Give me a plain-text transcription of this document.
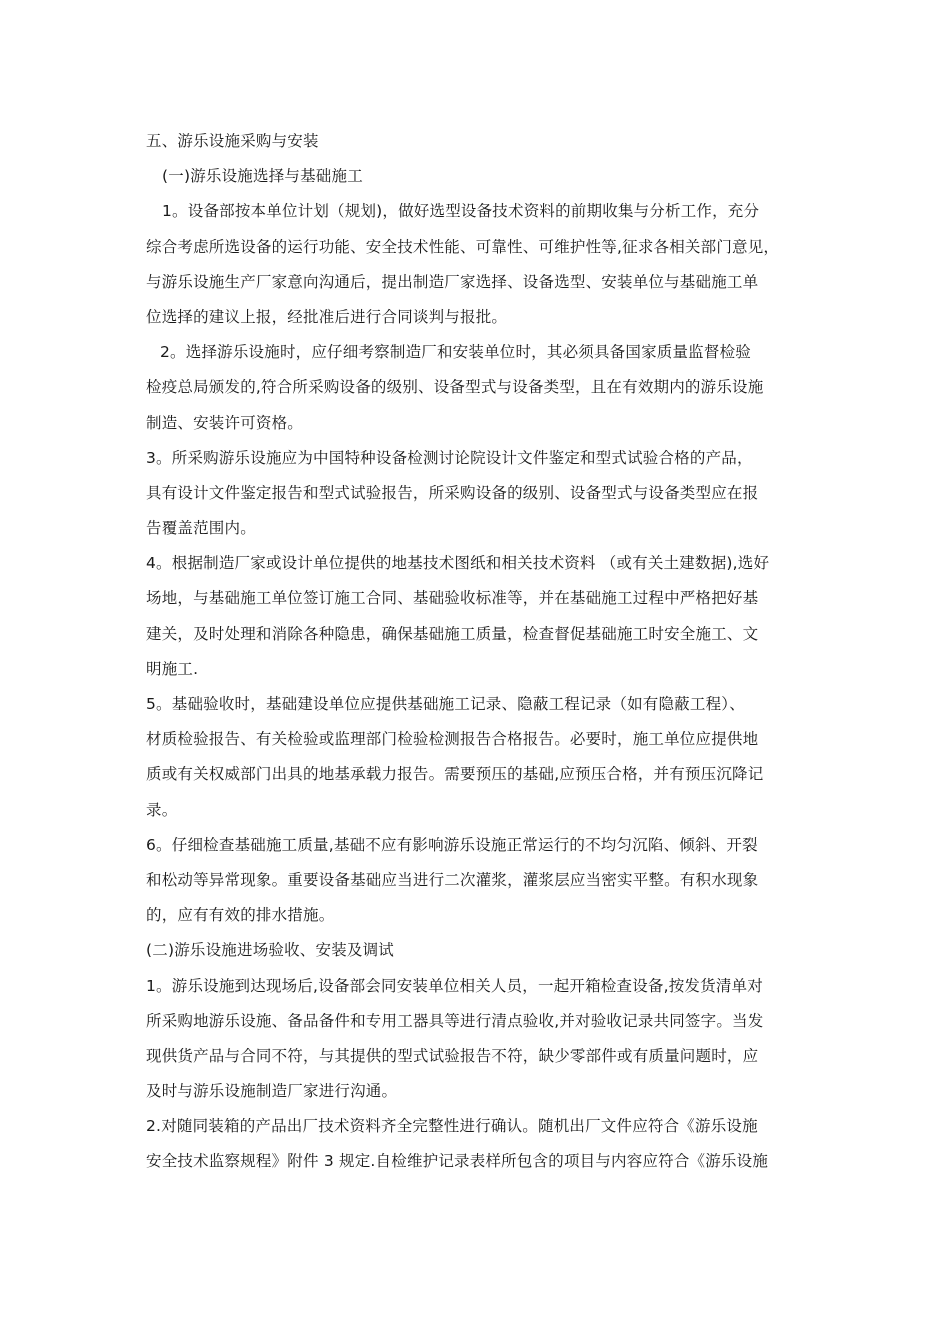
五、游乐设施采购与安装
(一)游乐设施选择与基础施工
1。设备部按本单位计划（规划)，做好选型设备技术资料的前期收集与分析工作，充分
综合考虑所选设备的运行功能、安全技术性能、可靠性、可维护性等,征求各相关部门意见，
与游乐设施生产厂家意向沟通后，提出制造厂家选择、设备选型、安装单位与基础施工单
位选择的建议上报，经批准后进行合同谈判与报批。
2。选择游乐设施时，应仔细考察制造厂和安装单位时，其必须具备国家质量监督检验
检疫总局颁发的,符合所采购设备的级别、设备型式与设备类型，且在有效期内的游乐设施
制造、安装许可资格。
3。所采购游乐设施应为中国特种设备检测讨论院设计文件鉴定和型式试验合格的产品，
具有设计文件鉴定报告和型式试验报告，所采购设备的级别、设备型式与设备类型应在报
告覆盖范围内。
4。根据制造厂家或设计单位提供的地基技术图纸和相关技术资料 （或有关土建数据),选好
场地，与基础施工单位签订施工合同、基础验收标准等，并在基础施工过程中严格把好基
建关，及时处理和消除各种隐患，确保基础施工质量，检查督促基础施工时安全施工、文
明施工.
5。基础验收时，基础建设单位应提供基础施工记录、隐蔽工程记录（如有隐蔽工程）、
材质检验报告、有关检验或监理部门检验检测报告合格报告。必要时，施工单位应提供地
质或有关权威部门出具的地基承载力报告。需要预压的基础,应预压合格，并有预压沉降记
录。
6。仔细检查基础施工质量,基础不应有影响游乐设施正常运行的不均匀沉陷、倾斜、开裂
和松动等异常现象。重要设备基础应当进行二次灌浆，灌浆层应当密实平整。有积水现象
的，应有有效的排水措施。
(二)游乐设施进场验收、安装及调试
1。游乐设施到达现场后,设备部会同安装单位相关人员，一起开箱检查设备,按发货清单对
所采购地游乐设施、备品备件和专用工器具等进行清点验收,并对验收记录共同签字。当发
现供货产品与合同不符，与其提供的型式试验报告不符，缺少零部件或有质量问题时，应
及时与游乐设施制造厂家进行沟通。
2.对随同装箱的产品出厂技术资料齐全完整性进行确认。随机出厂文件应符合《游乐设施
安全技术监察规程》附件 3 规定.自检维护记录表样所包含的项目与内容应符合《游乐设施
